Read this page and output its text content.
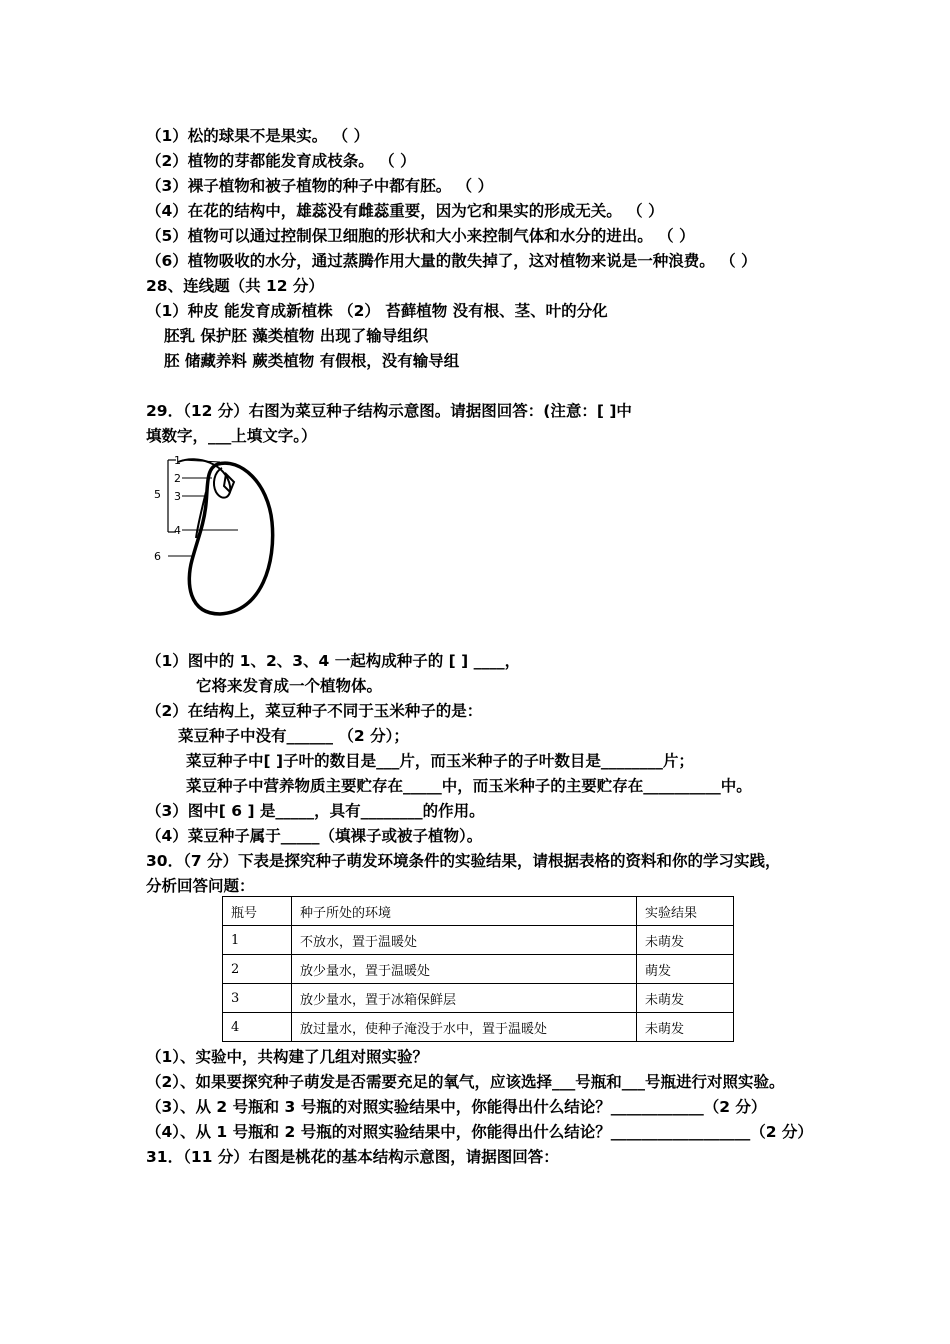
（1）松的球果不是果实。 （ ）
（2）植物的芽都能发育成枝条。 （ ）
（3）裸子植物和被子植物的种子中都有胚。 （ ）
（4）在花的结构中，雄蕊没有雌蕊重要，因为它和果实的形成无关。 （ ）
（5）植物可以通过控制保卫细胞的形状和大小来控制气体和水分的进出。 （ ）
（6）植物吸收的水分，通过蒸腾作用大量的散失掉了，这对植物来说是一种浪费。 （ ）
28、连线题（共 12 分）
（1）种皮 能发育成新植株 （2） 苔藓植物 没有根、茎、叶的分化
胚乳 保护胚 藻类植物 出现了输导组织
胚 储藏养料 蕨类植物 有假根，没有输导组
29．（12 分）右图为菜豆种子结构示意图。请据图回答：(注意：[ ]中
填数字，___上填文字。）
1
2
3
4
5
6
（1）图中的 1、2、3、4 一起构成种子的 [ ] ____，
它将来发育成一个植物体。
（2）在结构上，菜豆种子不同于玉米种子的是：
菜豆种子中没有______ （2 分）；
菜豆种子中[ ]子叶的数目是___片，而玉米种子的子叶数目是________片；
菜豆种子中营养物质主要贮存在_____中，而玉米种子的主要贮存在__________中。
（3）图中[ 6 ] 是_____，具有________的作用。
（4）菜豆种子属于_____（填裸子或被子植物）。
30．（7 分）下表是探究种子萌发环境条件的实验结果，请根据表格的资料和你的学习实践，
分析回答问题：
瓶号	种子所处的环境	实验结果
1	不放水，置于温暖处	未萌发
2	放少量水，置于温暖处	萌发
3	放少量水，置于冰箱保鲜层	未萌发
4	放过量水，使种子淹没于水中，置于温暖处	未萌发
（1）、实验中，共构建了几组对照实验？
（2）、如果要探究种子萌发是否需要充足的氧气，应该选择___号瓶和___号瓶进行对照实验。
（3）、从 2 号瓶和 3 号瓶的对照实验结果中，你能得出什么结论？____________（2 分）
（4）、从 1 号瓶和 2 号瓶的对照实验结果中，你能得出什么结论？__________________（2 分）
31．（11 分）右图是桃花的基本结构示意图，请据图回答：
